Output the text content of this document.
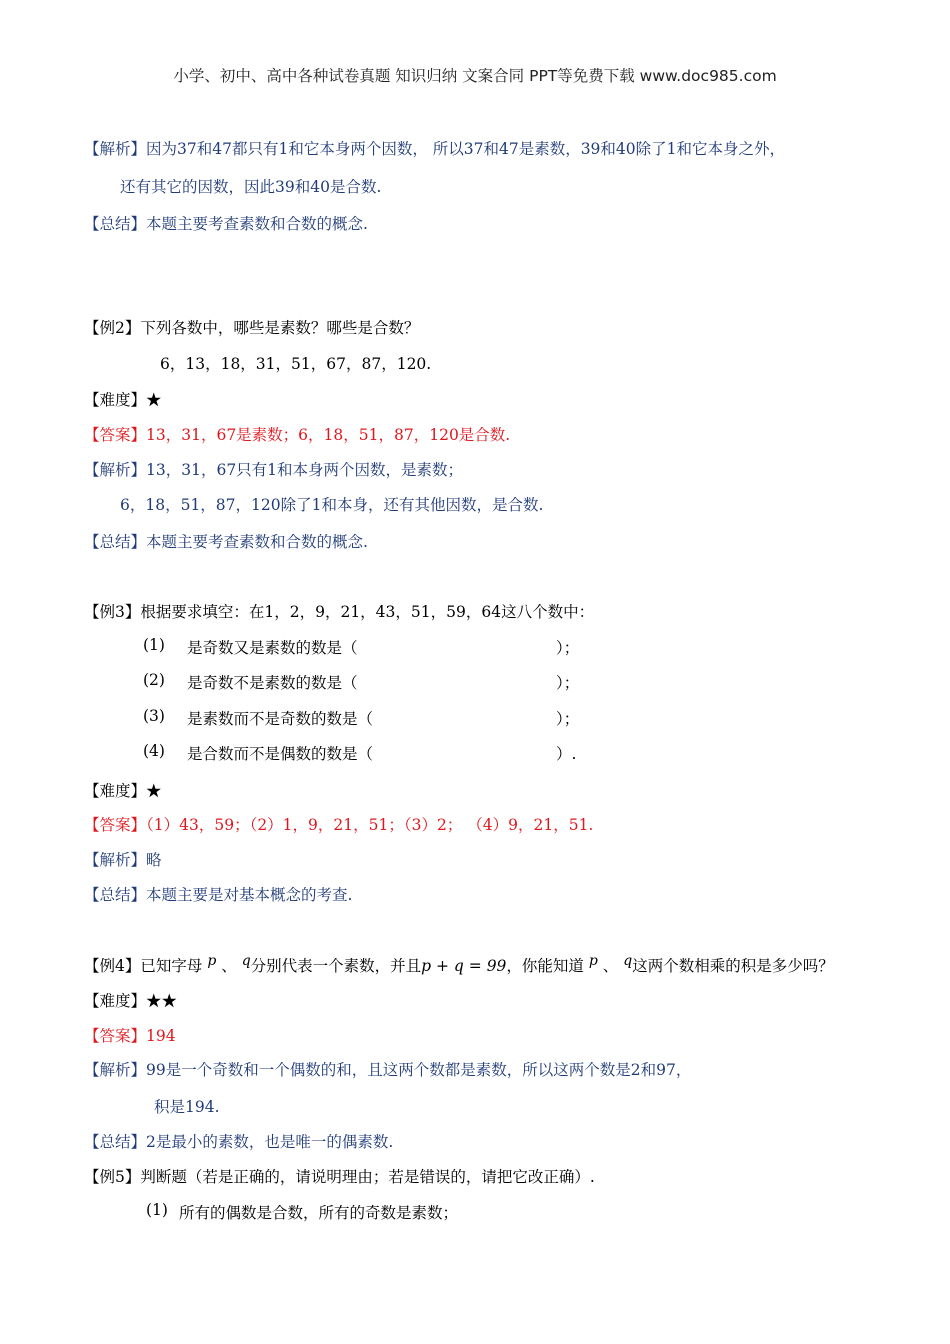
小学、初中、高中各种试卷真题 知识归纳 文案合同 PPT等免费下载 www.doc985.com
【解析】因为37和47都只有1和它本身两个因数， 所以37和47是素数，39和40除了1和它本身之外，
还有其它的因数，因此39和40是合数.
【总结】本题主要考查素数和合数的概念.
【例2】下列各数中，哪些是素数？哪些是合数？
6，13，18，31，51，67，87，120.
【难度】★
【答案】13，31，67是素数；6，18，51，87，120是合数.
【解析】13，31，67只有1和本身两个因数，是素数；
6，18，51，87，120除了1和本身，还有其他因数，是合数.
【总结】本题主要考查素数和合数的概念.
【例3】根据要求填空：在1，2，9，21，43，51，59，64这八个数中：
(1) 是奇数又是素数的数是（	）；
(2) 是奇数不是素数的数是（	）；
(3) 是素数而不是奇数的数是（	）；
(4) 是合数而不是偶数的数是（	）.
【难度】★
【答案】（1）43，59；（2）1，9，21，51；（3）2； （4）9，21，51.
【解析】略
【总结】本题主要是对基本概念的考查.
【例4】已知字母 p 、 q分别代表一个素数，并且p + q = 99，你能知道 p 、 q这两个数相乘的积是多少吗？
【难度】★★
【答案】194
【解析】99是一个奇数和一个偶数的和，且这两个数都是素数，所以这两个数是2和97，
积是194.
【总结】2是最小的素数，也是唯一的偶素数.
【例5】判断题（若是正确的，请说明理由；若是错误的，请把它改正确）.
(1) 所有的偶数是合数，所有的奇数是素数；
